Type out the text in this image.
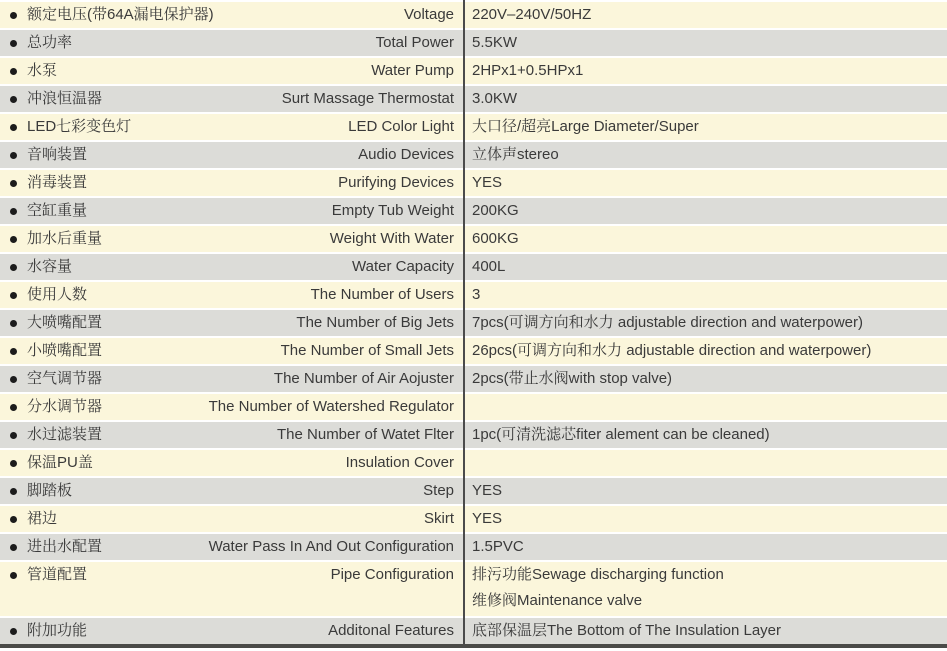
额定电压(带64A漏电保护器)	Voltage	220V–240V/50HZ
总功率	Total Power	5.5KW
水泵	Water Pump	2HPx1+0.5HPx1
冲浪恒温器	Surt Massage Thermostat	3.0KW
LED七彩变色灯	LED Color Light	大口径/超亮Large Diameter/Super
音响装置	Audio Devices	立体声stereo
消毒装置	Purifying Devices	YES
空缸重量	Empty Tub Weight	200KG
加水后重量	Weight With Water	600KG
水容量	Water Capacity	400L
使用人数	The Number of Users	3
大喷嘴配置	The Number of Big Jets	7pcs(可调方向和水力 adjustable direction and waterpower)
小喷嘴配置	The Number of Small Jets	26pcs(可调方向和水力 adjustable direction and waterpower)
空气调节器	The Number of Air Aojuster	2pcs(带止水阀with stop valve)
分水调节器	The Number of Watershed Regulator
水过滤装置	The Number of Watet Flter	1pc(可清洗滤芯fiter alement can be cleaned)
保温PU盖	Insulation Cover
脚踏板	Step	YES
裙边	Skirt	YES
进出水配置	Water Pass In And Out Configuration	1.5PVC
管道配置	Pipe Configuration	排污功能Sewage discharging function
维修阀Maintenance valve
附加功能	Additonal Features	底部保温层The Bottom of The Insulation Layer
